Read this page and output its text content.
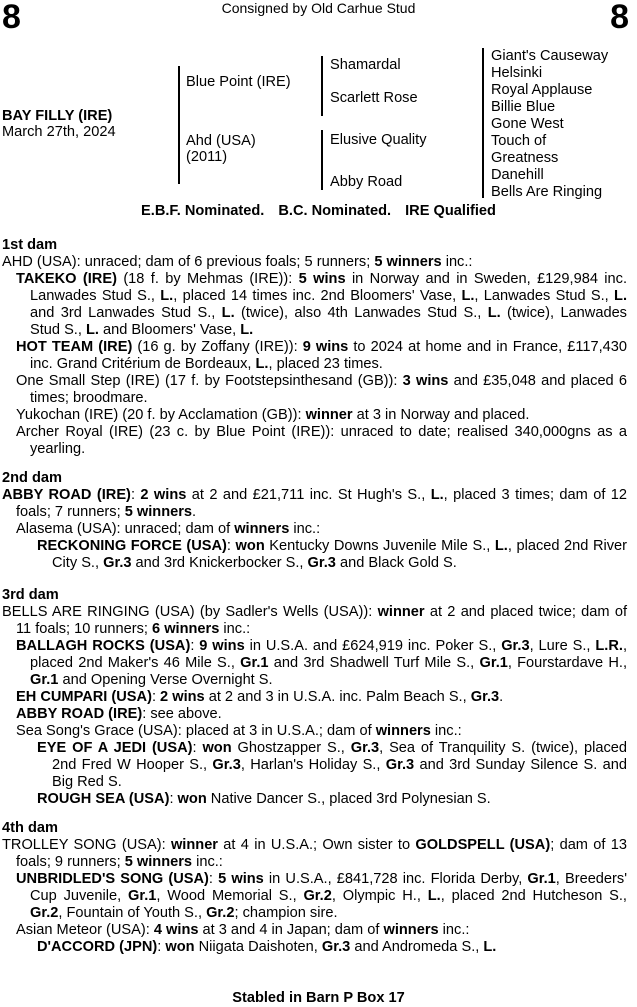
8	Consigned by Old Carhue Stud	8
BAY FILLY (IRE)
March 27th, 2024
Blue Point (IRE)
Ahd (USA)
(2011)
Shamardal
Scarlett Rose
Elusive Quality
Abby Road
Giant's Causeway
Helsinki
Royal Applause
Billie Blue
Gone West
Touch of
Greatness
Danehill
Bells Are Ringing
E.B.F. Nominated. B.C. Nominated. IRE Qualified
1st dam

AHD (USA): unraced; dam of 6 previous foals; 5 runners; 5 winners inc.:

TAKEKO (IRE) (18 f. by Mehmas (IRE)): 5 wins in Norway and in Sweden, £129,984 inc. Lanwades Stud S., L., placed 14 times inc. 2nd Bloomers' Vase, L., Lanwades Stud S., L. and 3rd Lanwades Stud S., L. (twice), also 4th Lanwades Stud S., L. (twice), Lanwades Stud S., L. and Bloomers' Vase, L.

HOT TEAM (IRE) (16 g. by Zoffany (IRE)): 9 wins to 2024 at home and in France, £117,430 inc. Grand Critérium de Bordeaux, L., placed 23 times.

One Small Step (IRE) (17 f. by Footstepsinthesand (GB)): 3 wins and £35,048 and placed 6 times; broodmare.

Yukochan (IRE) (20 f. by Acclamation (GB)): winner at 3 in Norway and placed.

Archer Royal (IRE) (23 c. by Blue Point (IRE)): unraced to date; realised 340,000gns as a yearling.

2nd dam

ABBY ROAD (IRE): 2 wins at 2 and £21,711 inc. St Hugh's S., L., placed 3 times; dam of 12 foals; 7 runners; 5 winners.

Alasema (USA): unraced; dam of winners inc.:

RECKONING FORCE (USA): won Kentucky Downs Juvenile Mile S., L., placed 2nd River City S., Gr.3 and 3rd Knickerbocker S., Gr.3 and Black Gold S.

3rd dam

BELLS ARE RINGING (USA) (by Sadler's Wells (USA)): winner at 2 and placed twice; dam of 11 foals; 10 runners; 6 winners inc.:

BALLAGH ROCKS (USA): 9 wins in U.S.A. and £624,919 inc. Poker S., Gr.3, Lure S., L.R., placed 2nd Maker's 46 Mile S., Gr.1 and 3rd Shadwell Turf Mile S., Gr.1, Fourstardave H., Gr.1 and Opening Verse Overnight S.

EH CUMPARI (USA): 2 wins at 2 and 3 in U.S.A. inc. Palm Beach S., Gr.3.

ABBY ROAD (IRE): see above.

Sea Song's Grace (USA): placed at 3 in U.S.A.; dam of winners inc.:

EYE OF A JEDI (USA): won Ghostzapper S., Gr.3, Sea of Tranquility S. (twice), placed 2nd Fred W Hooper S., Gr.3, Harlan's Holiday S., Gr.3 and 3rd Sunday Silence S. and Big Red S.

ROUGH SEA (USA): won Native Dancer S., placed 3rd Polynesian S.

4th dam

TROLLEY SONG (USA): winner at 4 in U.S.A.; Own sister to GOLDSPELL (USA); dam of 13 foals; 9 runners; 5 winners inc.:

UNBRIDLED'S SONG (USA): 5 wins in U.S.A., £841,728 inc. Florida Derby, Gr.1, Breeders' Cup Juvenile, Gr.1, Wood Memorial S., Gr.2, Olympic H., L., placed 2nd Hutcheson S., Gr.2, Fountain of Youth S., Gr.2; champion sire.

Asian Meteor (USA): 4 wins at 3 and 4 in Japan; dam of winners inc.:

D'ACCORD (JPN): won Niigata Daishoten, Gr.3 and Andromeda S., L.

Stabled in Barn P Box 17
